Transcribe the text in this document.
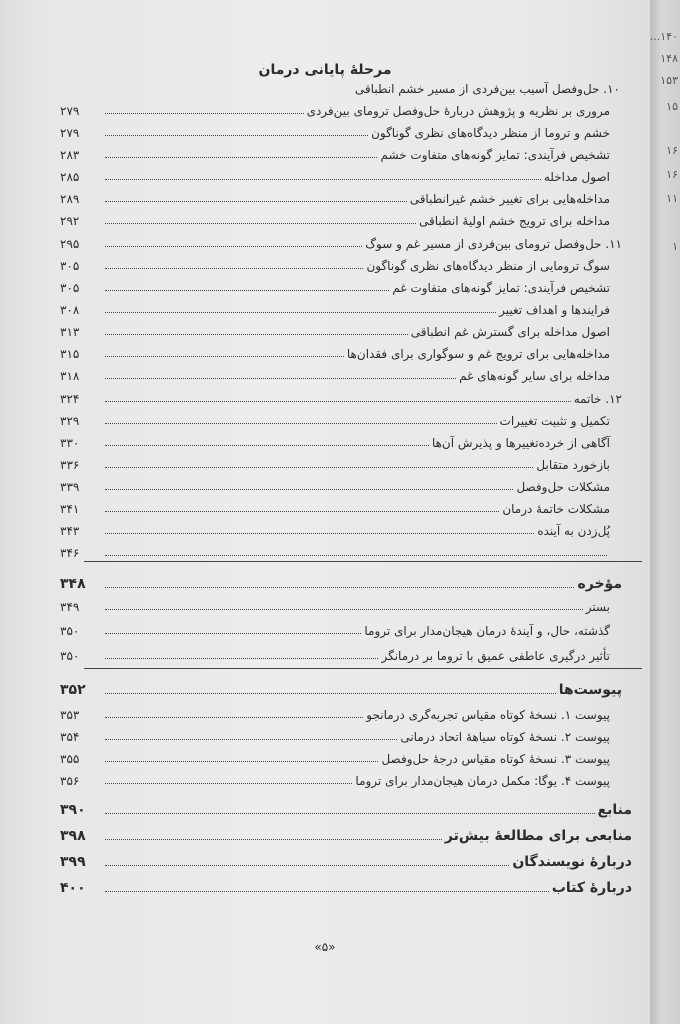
مرحلهٔ پایانی درمان
۱۰. حل‌وفصل آسیب بین‌فردی از مسیر خشم انطباقی
۲۷۹	مروری بر نظریه و پژوهش دربارهٔ حل‌وفصل ترومای بین‌فردی
۲۷۹	خشم و تروما از منظر دیدگاه‌های نظری گوناگون
۲۸۳	تشخیص فرآیندی: تمایز گونه‌های متفاوت خشم
۲۸۵	اصول مداخله
۲۸۹	مداخله‌هایی برای تغییر خشم غیرانطباقی
۲۹۲	مداخله برای ترویج خشم اولیهٔ انطباقی
۲۹۵	۱۱. حل‌وفصل ترومای بین‌فردی از مسیر غم و سوگ
۳۰۵	سوگ ترومایی از منظر دیدگاه‌های نظری گوناگون
۳۰۵	تشخیص فرآیندی: تمایز گونه‌های متفاوت غم
۳۰۸	فرایندها و اهداف تغییر
۳۱۳	اصول مداخله برای گسترش غم انطباقی
۳۱۵	مداخله‌هایی برای ترویج غم و سوگواری برای فقدان‌ها
۳۱۸	مداخله برای سایر گونه‌های غم
۳۲۴	۱۲. خاتمه
۳۲۹	تکمیل و تثبیت تغییرات
۳۳۰	آگاهی از خرده‌تغییرها و پذیرش آن‌ها
۳۳۶	بازخورد متقابل
۳۳۹	مشکلات حل‌وفصل
۳۴۱	مشکلات خاتمهٔ درمان
۳۴۳	پُل‌زدن به آینده
۳۴۶
۳۴۸	مؤخره
۳۴۹	بستر
۳۵۰	گذشته، حال، و آیندهٔ درمان هیجان‌مدار برای تروما
۳۵۰	تأثیر درگیری عاطفی عمیق با تروما بر درمانگر
۳۵۲	پیوست‌ها
۳۵۳	پیوست ۱. نسخهٔ کوتاه مقیاس تجربه‌گری درمانجو
۳۵۴	پیوست ۲. نسخهٔ کوتاه سیاههٔ اتحاد درمانی
۳۵۵	پیوست ۳. نسخهٔ کوتاه مقیاس درجهٔ حل‌وفصل
۳۵۶	پیوست ۴. یوگا: مکمل درمان هیجان‌مدار برای تروما
۳۹۰	منابع
۳۹۸	منابعی برای مطالعهٔ بیش‌تر
۳۹۹	دربارهٔ نویسندگان
۴۰۰	دربارهٔ کتاب
«۵»
۱۴۰...
۱۴۸
۱۵۳
۱۵
۱۶
۱۶
۱۱
۱
